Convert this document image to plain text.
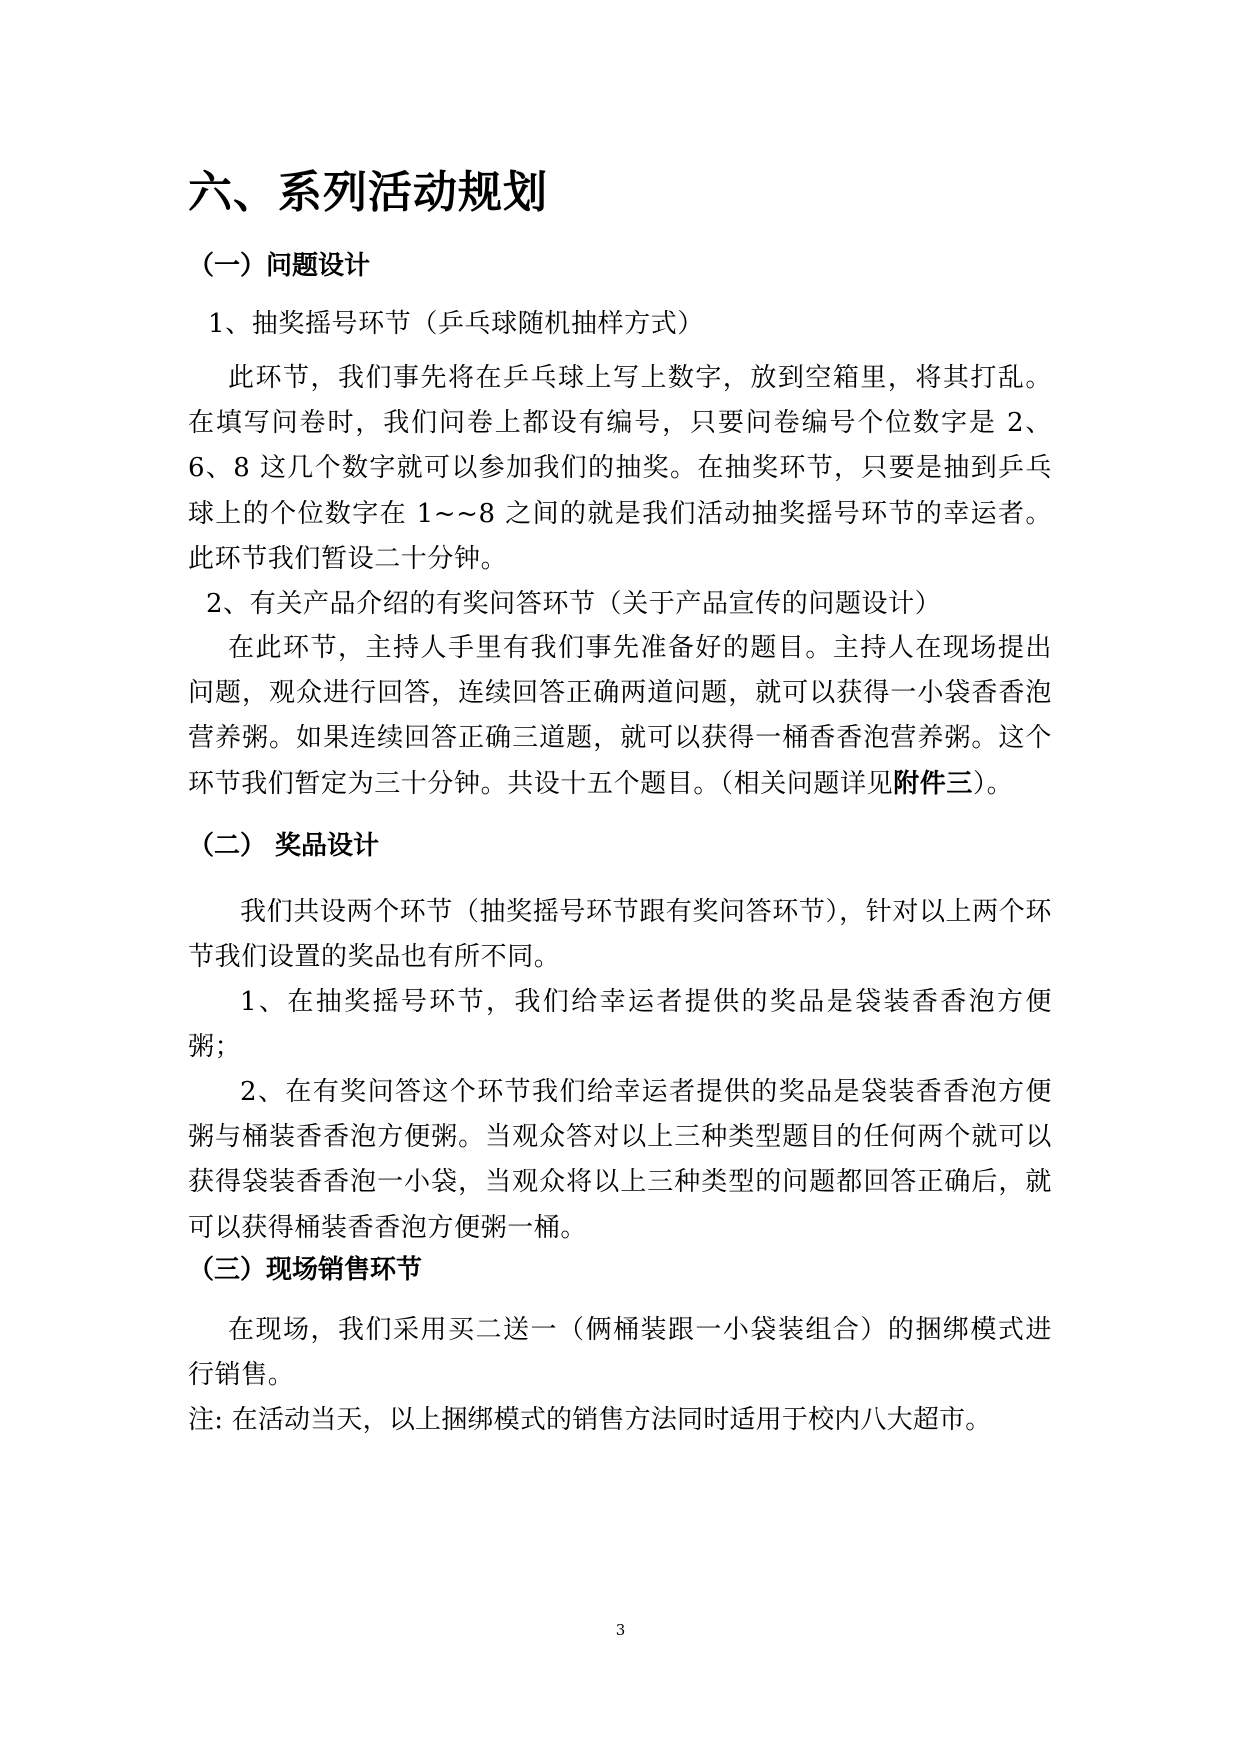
六、系列活动规划
（一）问题设计

1、抽奖摇号环节（乒乓球随机抽样方式）

此环节，我们事先将在乒乓球上写上数字，放到空箱里，将其打乱。在填写问卷时，我们问卷上都设有编号，只要问卷编号个位数字是 2、6、8 这几个数字就可以参加我们的抽奖。在抽奖环节，只要是抽到乒乓球上的个位数字在 1~~8 之间的就是我们活动抽奖摇号环节的幸运者。此环节我们暂设二十分钟。

2、有关产品介绍的有奖问答环节（关于产品宣传的问题设计）

在此环节，主持人手里有我们事先准备好的题目。主持人在现场提出问题，观众进行回答，连续回答正确两道问题，就可以获得一小袋香香泡营养粥。如果连续回答正确三道题，就可以获得一桶香香泡营养粥。这个环节我们暂定为三十分钟。共设十五个题目。（相关问题详见附件三）。

（二） 奖品设计

我们共设两个环节（抽奖摇号环节跟有奖问答环节），针对以上两个环节我们设置的奖品也有所不同。

1、在抽奖摇号环节，我们给幸运者提供的奖品是袋装香香泡方便粥；

2、在有奖问答这个环节我们给幸运者提供的奖品是袋装香香泡方便粥与桶装香香泡方便粥。当观众答对以上三种类型题目的任何两个就可以获得袋装香香泡一小袋，当观众将以上三种类型的问题都回答正确后，就可以获得桶装香香泡方便粥一桶。

（三）现场销售环节

在现场，我们采用买二送一（俩桶装跟一小袋装组合）的捆绑模式进行销售。

注: 在活动当天，以上捆绑模式的销售方法同时适用于校内八大超市。

3
